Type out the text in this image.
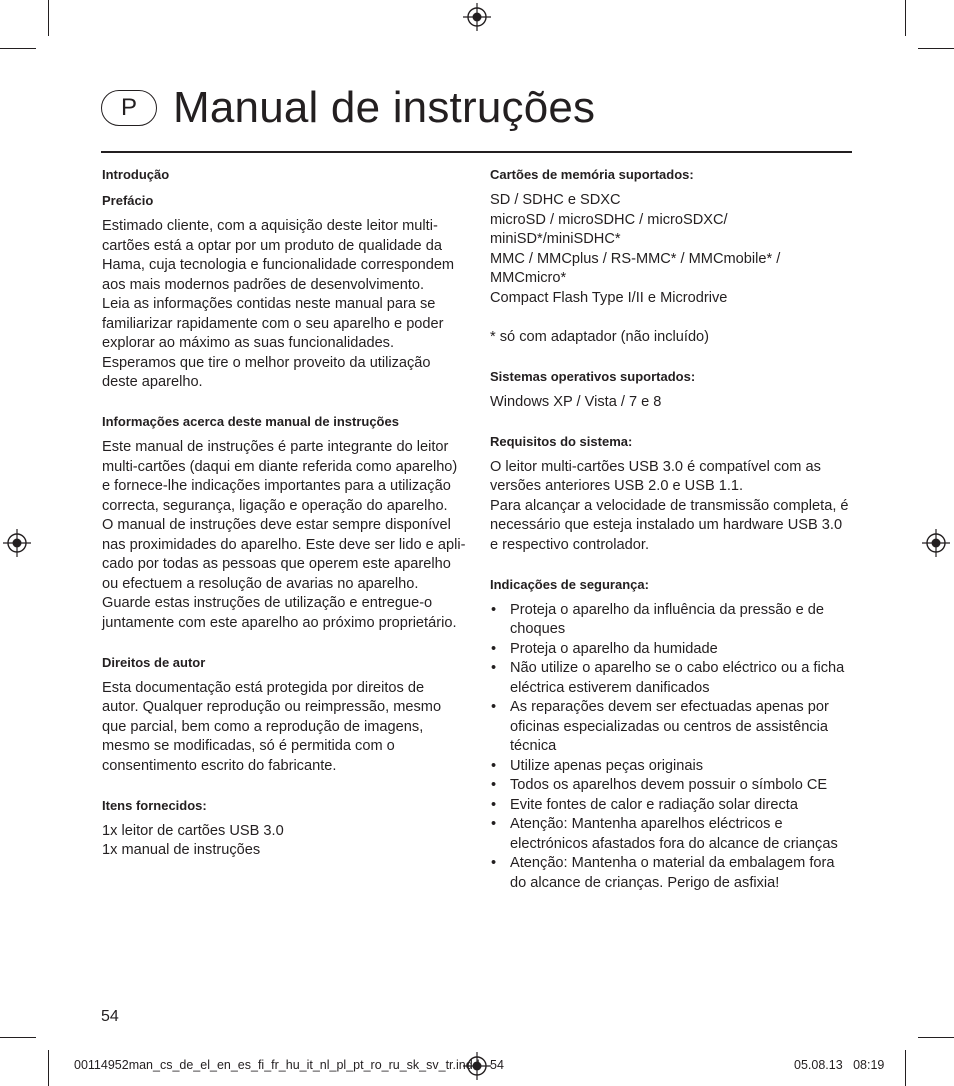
P Manual de instruções
Introdução
Prefácio

Estimado cliente, com a aquisição deste leitor multi-
cartões está a optar por um produto de qualidade da
Hama, cuja tecnologia e funcionalidade correspondem
aos mais modernos padrões de desenvolvimento.
Leia as informações contidas neste manual para se
familiarizar rapidamente com o seu aparelho e poder
explorar ao máximo as suas funcionalidades.
Esperamos que tire o melhor proveito da utilização
deste aparelho.

Informações acerca deste manual de instruções

Este manual de instruções é parte integrante do leitor
multi-cartões (daqui em diante referida como aparelho)
e fornece-lhe indicações importantes para a utilização
correcta, segurança, ligação e operação do aparelho.
O manual de instruções deve estar sempre disponível
nas proximidades do aparelho. Este deve ser lido e apli-
cado por todas as pessoas que operem este aparelho
ou efectuem a resolução de avarias no aparelho.
Guarde estas instruções de utilização e entregue-o
juntamente com este aparelho ao próximo proprietário.

Direitos de autor

Esta documentação está protegida por direitos de
autor. Qualquer reprodução ou reimpressão, mesmo
que parcial, bem como a reprodução de imagens,
mesmo se modificadas, só é permitida com o
consentimento escrito do fabricante.

Itens fornecidos:

1x leitor de cartões USB 3.0
1x manual de instruções

Cartões de memória suportados:

SD / SDHC e SDXC
microSD / microSDHC / microSDXC/ miniSD*/miniSDHC*
MMC / MMCplus / RS-MMC* / MMCmobile* /
MMCmicro*
Compact Flash Type I/II e Microdrive

* só com adaptador (não incluído)

Sistemas operativos suportados:

Windows XP / Vista / 7 e 8

Requisitos do sistema:

O leitor multi-cartões USB 3.0 é compatível com as
versões anteriores USB 2.0 e USB 1.1.
Para alcançar a velocidade de transmissão completa, é
necessário que esteja instalado um hardware USB 3.0
e respectivo controlador.

Indicações de segurança:
• Proteja o aparelho da influência da pressão e de
choques
• Proteja o aparelho da humidade
• Não utilize o aparelho se o cabo eléctrico ou a ficha
eléctrica estiverem danificados
• As reparações devem ser efectuadas apenas por
oficinas especializadas ou centros de assistência
técnica
• Utilize apenas peças originais
• Todos os aparelhos devem possuir o símbolo CE
• Evite fontes de calor e radiação solar directa
• Atenção: Mantenha aparelhos eléctricos e
electrónicos afastados fora do alcance de crianças
• Atenção: Mantenha o material da embalagem fora
do alcance de crianças. Perigo de asfixia!
54
00114952man_cs_de_el_en_es_fi_fr_hu_it_nl_pl_pt_ro_ru_sk_sv_tr.indd   54	05.08.13   08:19
